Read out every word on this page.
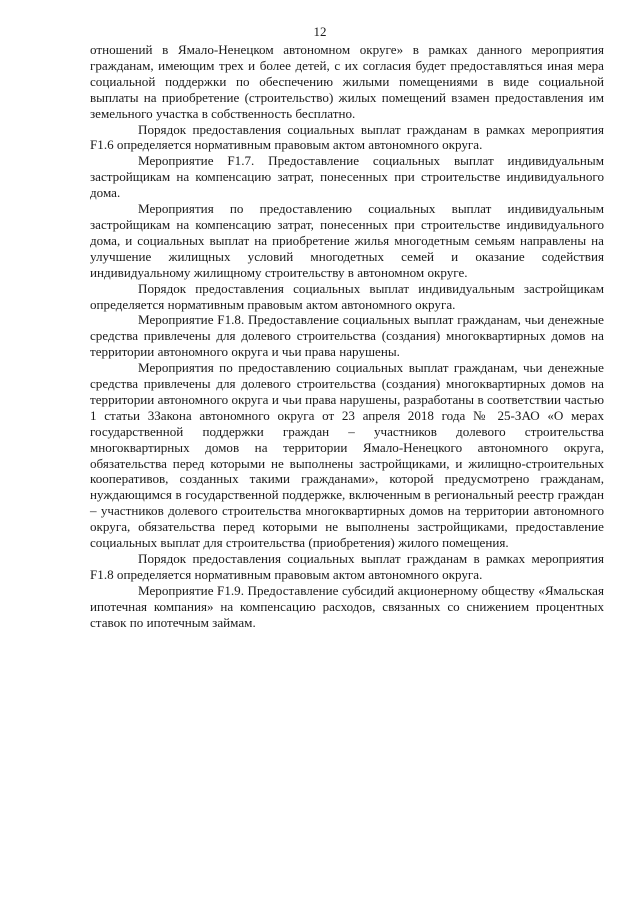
12

отношений в Ямало-Ненецком автономном округе» в рамках данного мероприятия гражданам, имеющим трех и более детей, с их согласия будет предоставляться иная мера социальной поддержки по обеспечению жилыми помещениями в виде социальной выплаты на приобретение (строительство) жилых помещений взамен предоставления им земельного участка в собственность бесплатно.

Порядок предоставления социальных выплат гражданам в рамках мероприятия F1.6 определяется нормативным правовым актом автономного округа.

Мероприятие F1.7. Предоставление социальных выплат индивидуальным застройщикам на компенсацию затрат, понесенных при строительстве индивидуального дома.

Мероприятия по предоставлению социальных выплат индивидуальным застройщикам на компенсацию затрат, понесенных при строительстве индивидуального дома, и социальных выплат на приобретение жилья многодетным семьям направлены на улучшение жилищных условий многодетных семей и оказание содействия индивидуальному жилищному строительству в автономном округе.

Порядок предоставления социальных выплат индивидуальным застройщикам определяется нормативным правовым актом автономного округа.

Мероприятие F1.8. Предоставление социальных выплат гражданам, чьи денежные средства привлечены для долевого строительства (создания) многоквартирных домов на территории автономного округа и чьи права нарушены.

Мероприятия по предоставлению социальных выплат гражданам, чьи денежные средства привлечены для долевого строительства (создания) многоквартирных домов на территории автономного округа и чьи права нарушены, разработаны в соответствии частью 1 статьи 3Закона автономного округа от 23 апреля 2018 года № 25-ЗАО «О мерах государственной поддержки граждан – участников долевого строительства многоквартирных домов на территории Ямало-Ненецкого автономного округа, обязательства перед которыми не выполнены застройщиками, и жилищно-строительных кооперативов, созданных такими гражданами», которой предусмотрено гражданам, нуждающимся в государственной поддержке, включенным в региональный реестр граждан – участников долевого строительства многоквартирных домов на территории автономного округа, обязательства перед которыми не выполнены застройщиками, предоставление социальных выплат для строительства (приобретения) жилого помещения.

Порядок предоставления социальных выплат гражданам в рамках мероприятия F1.8 определяется нормативным правовым актом автономного округа.

Мероприятие F1.9. Предоставление субсидий акционерному обществу «Ямальская ипотечная компания» на компенсацию расходов, связанных со снижением процентных ставок по ипотечным займам.
